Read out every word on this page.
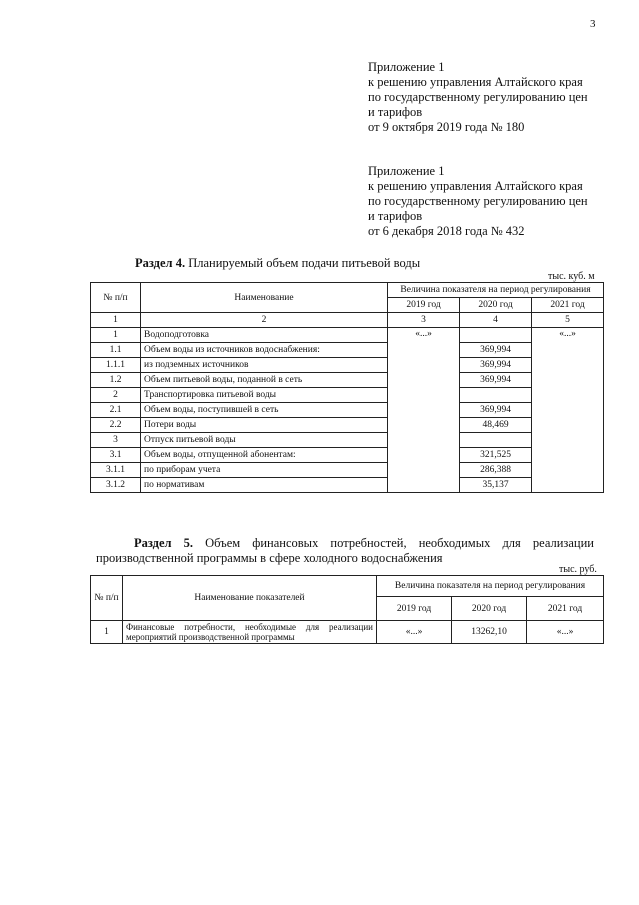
3
Приложение 1
к решению управления Алтайского края
по государственному регулированию цен
и тарифов
от 9 октября 2019 года № 180
Приложение 1
к решению управления Алтайского края
по государственному регулированию цен
и тарифов
от 6 декабря 2018 года № 432
Раздел 4. Планируемый объем подачи питьевой воды
тыс. куб. м
№ п/п	Наименование	Величина показателя на период регулирования		
		2019 год	2020 год	2021 год
1	2	3	4	5
1	Водоподготовка	«...»		«...»
1.1	Объем воды из источников водоснабжения:		369,994	
1.1.1	из подземных источников		369,994	
1.2	Объем питьевой воды, поданной в сеть		369,994	
2	Транспортировка питьевой воды			
2.1	Объем воды, поступившей в сеть		369,994	
2.2	Потери воды		48,469	
3	Отпуск питьевой воды			
3.1	Объем воды, отпущенной абонентам:		321,525	
3.1.1	по приборам учета		286,388	
3.1.2	по нормативам		35,137	
Раздел 5. Объем финансовых потребностей, необходимых для реализации производственной программы в сфере холодного водоснабжения
тыс. руб.
№ п/п	Наименование показателей	Величина показателя на период регулирования		
		2019 год	2020 год	2021 год
1	Финансовые потребности, необходимые для реализации мероприятий производственной программы	«...»	13262,10	«...»
